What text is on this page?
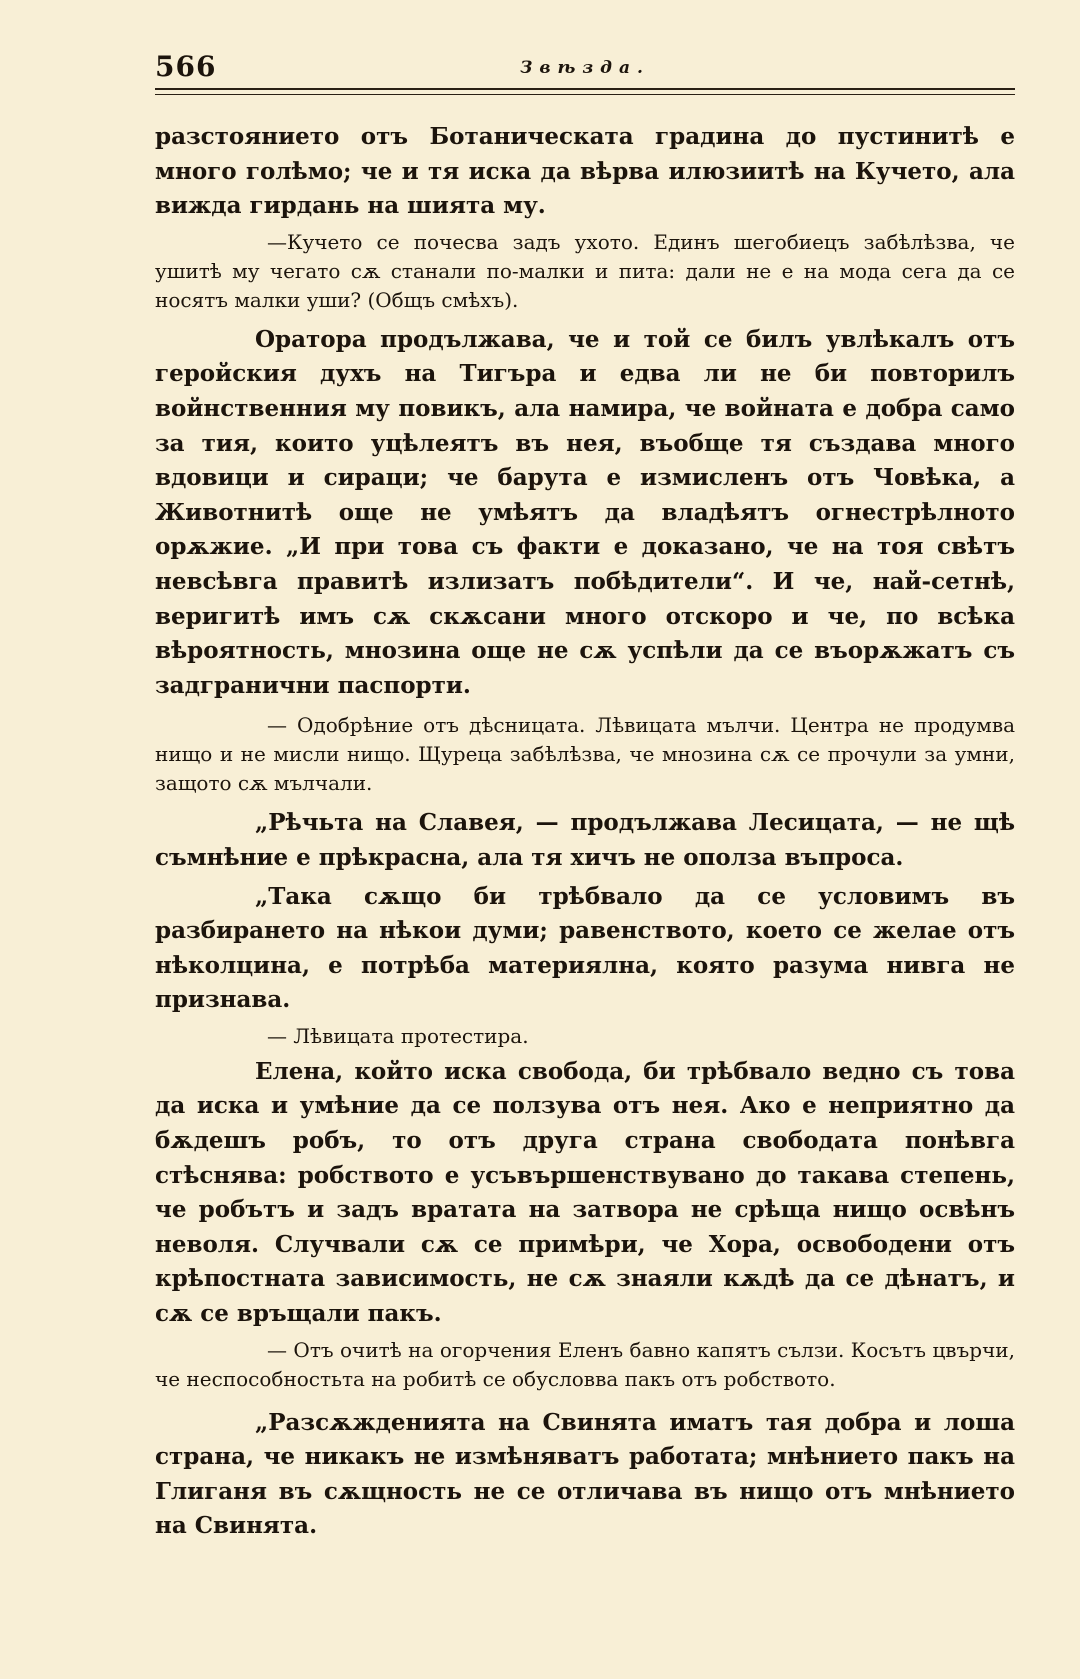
566	Звѣзда.

разстоянието отъ Ботаническата градина до пустинитѣ е много голѣмо; че и тя иска да вѣрва илюзиитѣ на Кучето, ала вижда гирдань на шията му.

—Кучето се почесва задъ ухото. Единъ шегобиецъ забѣлѣзва, че ушитѣ му чегато сѫ станали по-малки и пита: дали не е на мода сега да се носятъ малки уши? (Общъ смѣхъ).

Оратора продължава, че и той се билъ увлѣкалъ отъ геройския духъ на Тигъра и едва ли не би повторилъ войнственния му повикъ, ала намира, че войната е добра само за тия, които уцѣлеятъ въ нея, въобще тя създава много вдовици и сираци; че барута е измисленъ отъ Човѣка, а Животнитѣ още не умѣятъ да владѣятъ огнестрѣлното орѫжие. „И при това съ факти е доказано, че на тоя свѣтъ невсѣвга правитѣ излизатъ побѣдители“. И че, най-сетнѣ, веригитѣ имъ сѫ скѫсани много отскоро и че, по всѣка вѣроятность, мнозина още не сѫ успѣли да се въорѫжатъ съ задгранични паспорти.

— Одобрѣние отъ дѣсницата. Лѣвицата мълчи. Центра не продумва нищо и не мисли нищо. Щуреца забѣлѣзва, че мнозина сѫ се прочули за умни, защото сѫ мълчали.

„Рѣчьта на Славея, — продължава Лесицата, — не щѣ съмнѣние е прѣкрасна, ала тя хичъ не ополза въпроса.

„Така сѫщо би трѣбвало да се условимъ въ разбирането на нѣкои думи; равенството, което се желае отъ нѣколцина, е потрѣба материялна, която разума нивга не признава.

— Лѣвицата протестира.

Елена, който иска свобода, би трѣбвало ведно съ това да иска и умѣние да се ползува отъ нея. Ако е неприятно да бѫдешъ робъ, то отъ друга страна свободата понѣвга стѣснява: робството е усъвършенствувано до такава степень, че робътъ и задъ вратата на затвора не срѣща нищо освѣнъ неволя. Случвали сѫ се примѣри, че Хора, освободени отъ крѣпостната зависимость, не сѫ знаяли кѫдѣ да се дѣнатъ, и сѫ се връщали пакъ.

— Отъ очитѣ на огорчения Еленъ бавно капятъ сълзи. Косътъ цвърчи, че неспособностьта на робитѣ се обусловва пакъ отъ робството.

„Разсѫжденията на Свинята иматъ тая добра и лоша страна, че никакъ не измѣняватъ работата; мнѣнието пакъ на Глиганя въ сѫщность не се отличава въ нищо отъ мнѣнието на Свинята.
